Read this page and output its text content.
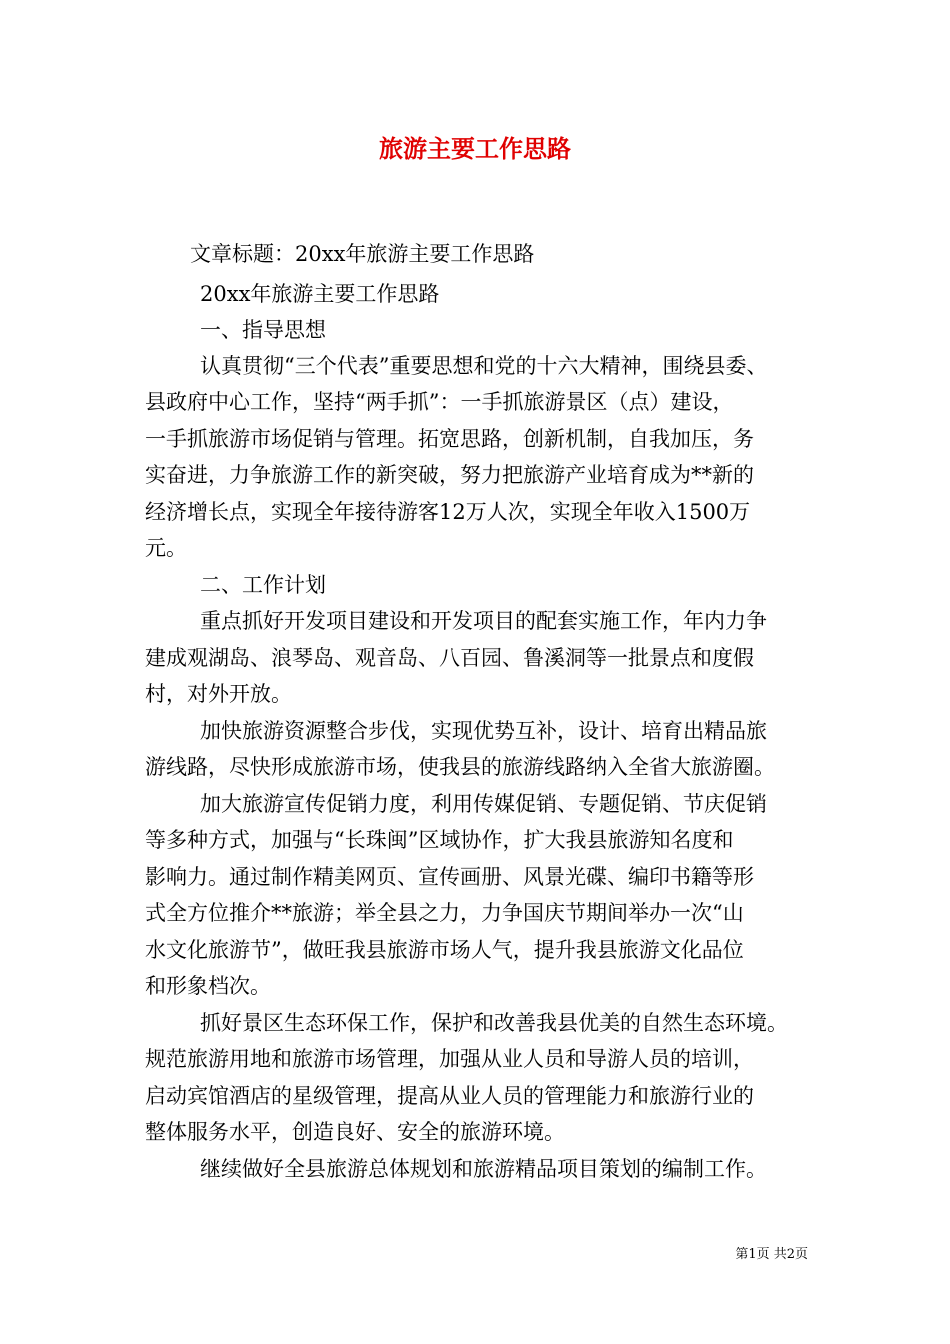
旅游主要工作思路
文章标题：20xx年旅游主要工作思路
20xx年旅游主要工作思路
一、指导思想
认真贯彻“三个代表”重要思想和党的十六大精神，围绕县委、
县政府中心工作，坚持“两手抓”：一手抓旅游景区（点）建设，
一手抓旅游市场促销与管理。拓宽思路，创新机制，自我加压，务
实奋进，力争旅游工作的新突破，努力把旅游产业培育成为**新的
经济增长点，实现全年接待游客12万人次，实现全年收入1500万
元。
二、工作计划
重点抓好开发项目建设和开发项目的配套实施工作，年内力争
建成观湖岛、浪琴岛、观音岛、八百园、鲁溪洞等一批景点和度假
村，对外开放。
加快旅游资源整合步伐，实现优势互补，设计、培育出精品旅
游线路，尽快形成旅游市场，使我县的旅游线路纳入全省大旅游圈。
加大旅游宣传促销力度，利用传媒促销、专题促销、节庆促销
等多种方式，加强与“长珠闽”区域协作，扩大我县旅游知名度和
影响力。通过制作精美网页、宣传画册、风景光碟、编印书籍等形
式全方位推介**旅游；举全县之力，力争国庆节期间举办一次“山
水文化旅游节”，做旺我县旅游市场人气，提升我县旅游文化品位
和形象档次。
抓好景区生态环保工作，保护和改善我县优美的自然生态环境。
规范旅游用地和旅游市场管理，加强从业人员和导游人员的培训，
启动宾馆酒店的星级管理，提高从业人员的管理能力和旅游行业的
整体服务水平，创造良好、安全的旅游环境。
继续做好全县旅游总体规划和旅游精品项目策划的编制工作。
第1页 共2页
